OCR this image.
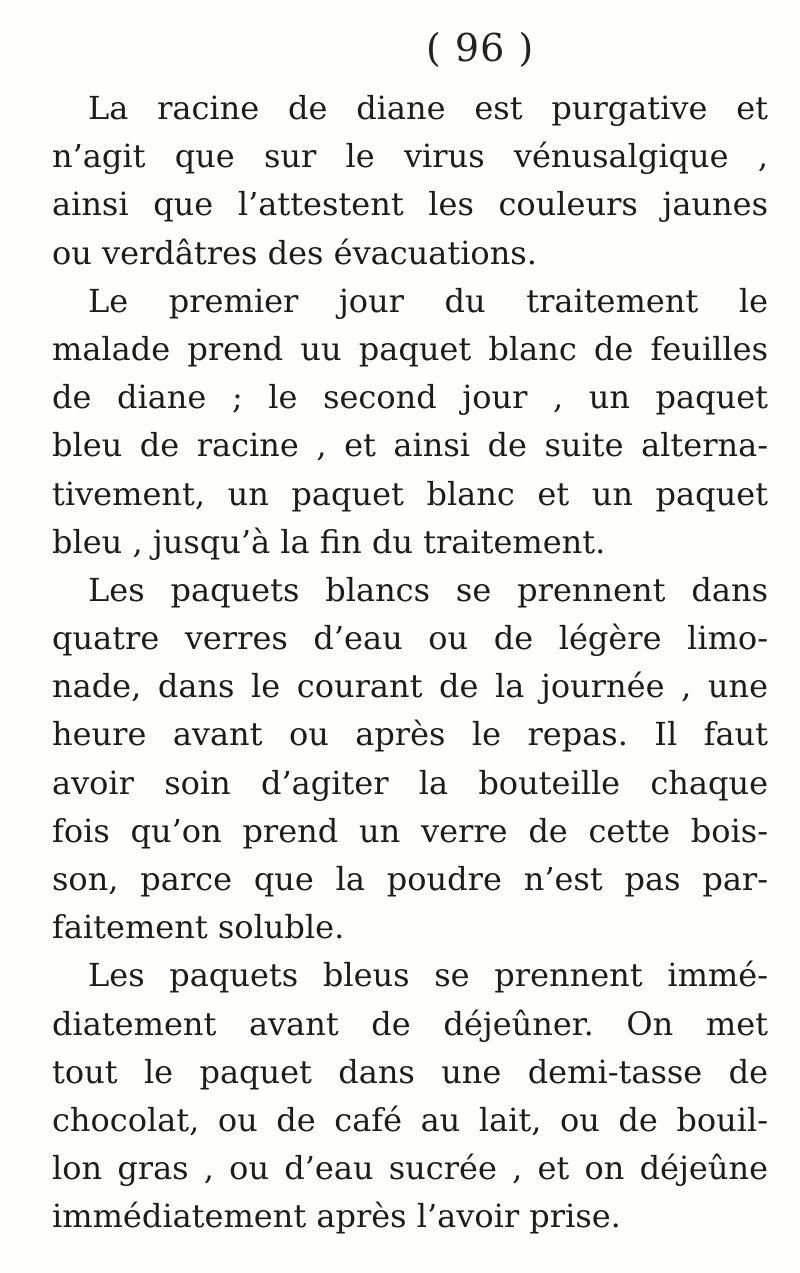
( 96 )
La racine de diane est purgative et
n’agit que sur le virus vénusalgique ,
ainsi que l’attestent les couleurs jaunes
ou verdâtres des évacuations.
Le premier jour du traitement le
malade prend uu paquet blanc de feuilles
de diane ; le second jour , un paquet
bleu de racine , et ainsi de suite alterna-
tivement, un paquet blanc et un paquet
bleu , jusqu’à la fin du traitement.
Les paquets blancs se prennent dans
quatre verres d’eau ou de légère limo-
nade, dans le courant de la journée , une
heure avant ou après le repas. Il faut
avoir soin d’agiter la bouteille chaque
fois qu’on prend un verre de cette bois-
son, parce que la poudre n’est pas par-
faitement soluble.
Les paquets bleus se prennent immé-
diatement avant de déjeûner. On met
tout le paquet dans une demi-tasse de
chocolat, ou de café au lait, ou de bouil-
lon gras , ou d’eau sucrée , et on déjeûne
immédiatement après l’avoir prise.
